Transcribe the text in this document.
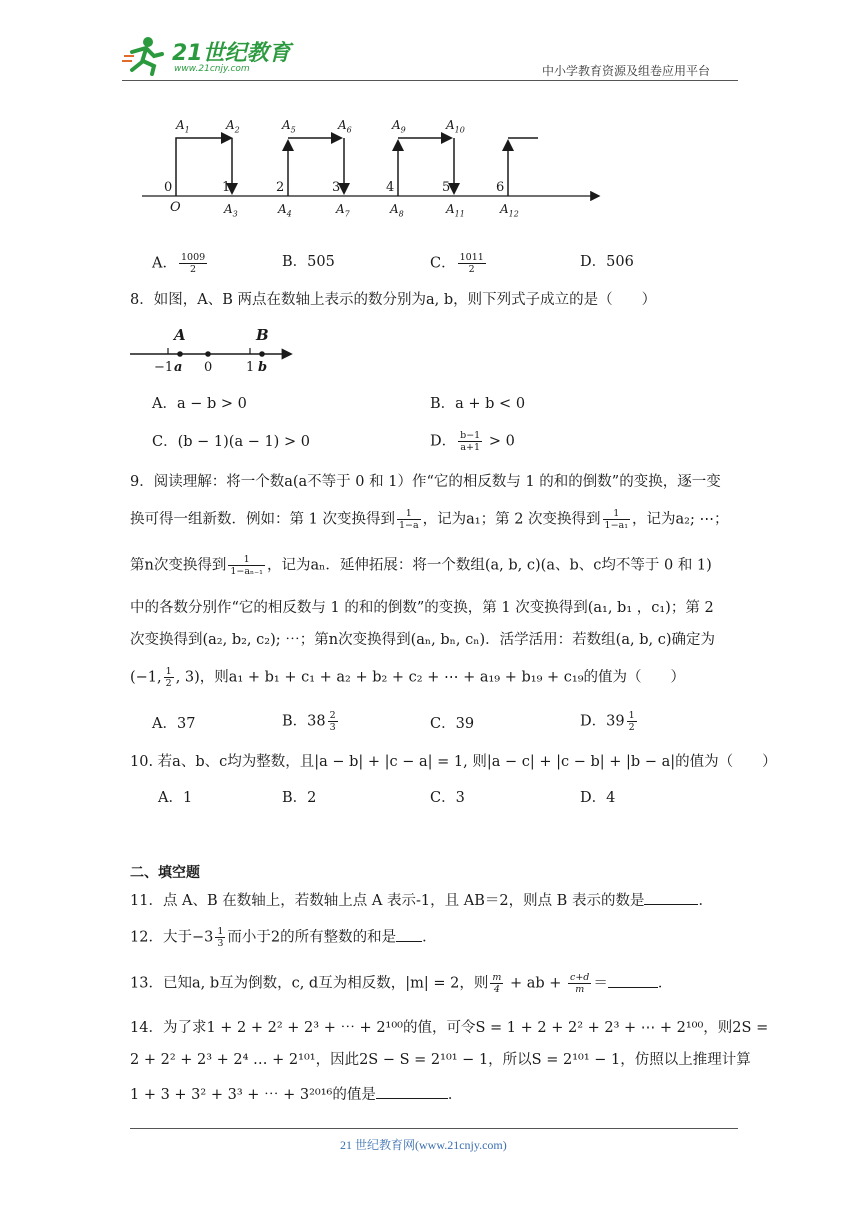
21世纪教育
www.21cnjy.com	中小学教育资源及组卷应用平台
$A_1$	$A_2$	$A_5$	$A_6$	$A_9$	$A_{10}$
0	1	2	3	4	5	6
O	$A_3$	$A_4$	$A_7$	$A_8$	$A_{11}$	$A_{12}$
A． $\frac{1009}{2}$	B．505	C． $\frac{1011}{2}$	D．506
8．如图，A、B 两点在数轴上表示的数分别为a, b，则下列式子成立的是（　　）
A	B
−1 a 0	1 b
A．a − b > 0	B．a + b < 0
C．(b − 1)(a − 1) > 0	D． $\frac{b-1}{a+1} > 0$
9．阅读理解：将一个数a(a不等于 0 和 1）作“它的相反数与 1 的和的倒数”的变换，逐一变
换可得一组新数．例如：第 1 次变换得到 $\frac{1}{1-a}$ ，记为a₁；第 2 次变换得到 $\frac{1}{\text{1−a₁}}$ ，记为a₂; ⋯；
第n次变换得到 $\frac{1}{\text{1−aₙ₋₁}}$ ，记为aₙ．延伸拓展：将一个数组(a, b, c)(a、b、c均不等于 0 和 1)
中的各数分别作“它的相反数与 1 的和的倒数”的变换，第 1 次变换得到(a₁, b₁ ，c₁)；第 2
次变换得到(a₂, b₂, c₂); ⋯；第n次变换得到(aₙ, bₙ, cₙ)．活学活用：若数组(a, b, c)确定为
(−1, $\frac{1}{2}$ , 3)，则a₁ + b₁ + c₁ + a₂ + b₂ + c₂ + ⋯ + a₁₉ + b₁₉ + c₁₉的值为（　　）
A．37	B．$38 \frac{2}{3}$	C．39	D．$39 \frac{1}{2}$
10. 若a、b、c均为整数，且|a − b| + |c − a| = 1, 则|a − c| + |c − b| + |b − a|的值为（　　）
A．1	B．2	C．3	D．4
二、填空题
11．点 A、B 在数轴上，若数轴上点 A 表示-1，且 AB＝2，则点 B 表示的数是	．
12．大于$-3 \frac{1}{3}$ 而小于2的所有整数的和是 ．
13．已知a, b互为倒数，c, d互为相反数，|m| = 2，则 $\frac{m}{4}$ + ab + $\frac{c+d}{m}$ ＝	．
14．为了求1 + 2 + 2² + 2³ + ⋯ + 2¹⁰⁰的值，可令S = 1 + 2 + 2² + 2³ + ⋯ + 2¹⁰⁰，则2S =
2 + 2² + 2³ + 2⁴ … + 2¹⁰¹，因此2S − S = 2¹⁰¹ − 1，所以S = 2¹⁰¹ − 1，仿照以上推理计算
1 + 3 + 3² + 3³ + ⋯ + 3²⁰¹⁶的值是	．
21 世纪教育网(www.21cnjy.com)
